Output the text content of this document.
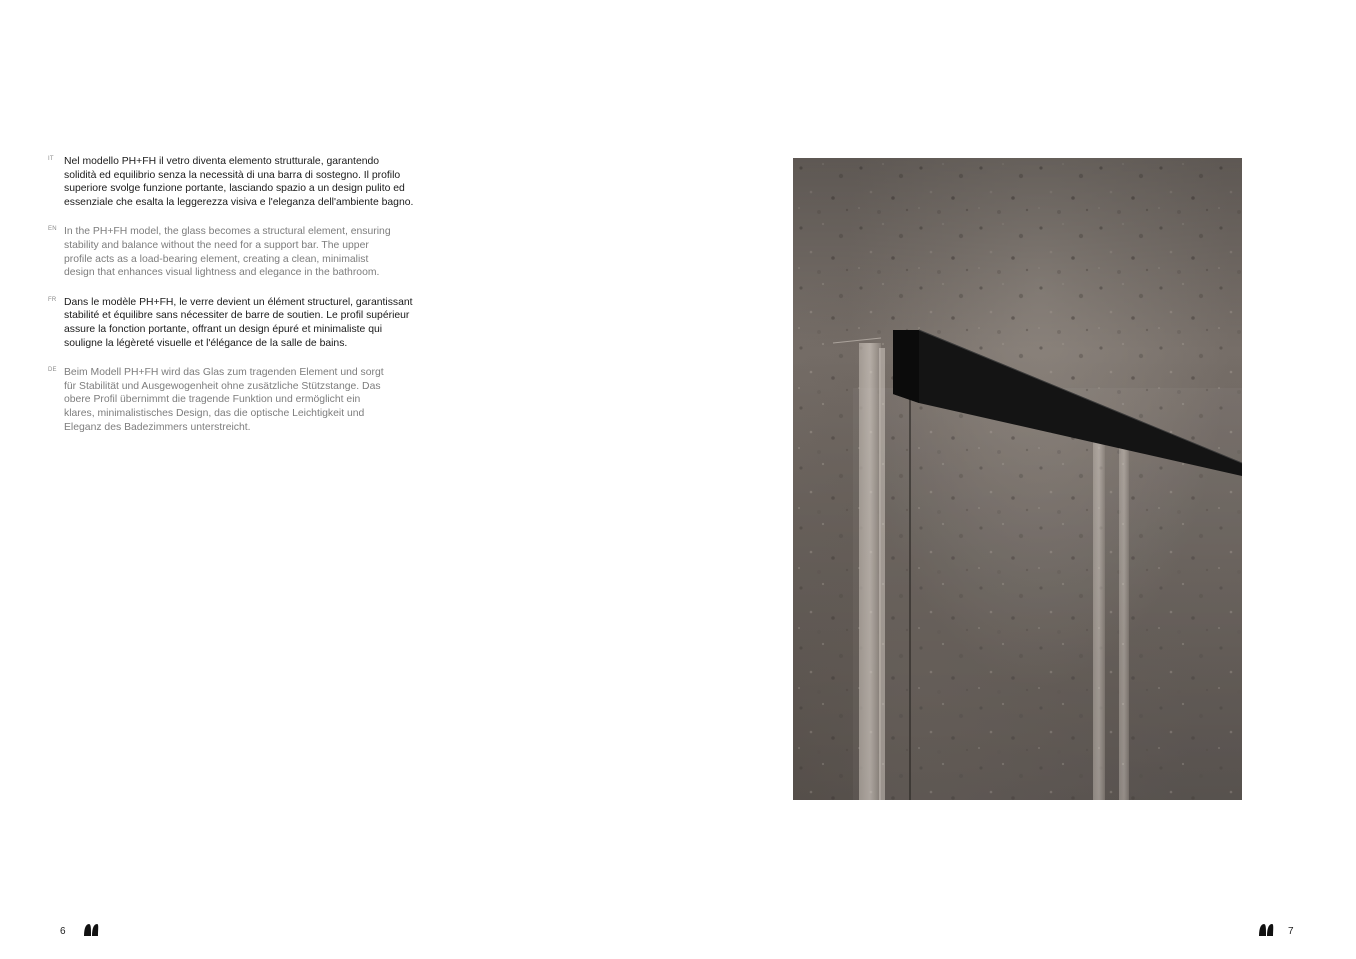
IT Nel modello PH+FH il vetro diventa elemento strutturale, garantendo
solidità ed equilibrio senza la necessità di una barra di sostegno. Il profilo
superiore svolge funzione portante, lasciando spazio a un design pulito ed
essenziale che esalta la leggerezza visiva e l'eleganza dell'ambiente bagno.
EN In the PH+FH model, the glass becomes a structural element, ensuring
stability and balance without the need for a support bar. The upper
profile acts as a load-bearing element, creating a clean, minimalist
design that enhances visual lightness and elegance in the bathroom.
FR Dans le modèle PH+FH, le verre devient un élément structurel, garantissant
stabilité et équilibre sans nécessiter de barre de soutien. Le profil supérieur
assure la fonction portante, offrant un design épuré et minimaliste qui
souligne la légèreté visuelle et l'élégance de la salle de bains.
DE Beim Modell PH+FH wird das Glas zum tragenden Element und sorgt
für Stabilität und Ausgewogenheit ohne zusätzliche Stützstange. Das
obere Profil übernimmt die tragende Funktion und ermöglicht ein
klares, minimalistisches Design, das die optische Leichtigkeit und
Eleganz des Badezimmers unterstreicht.
6	7
